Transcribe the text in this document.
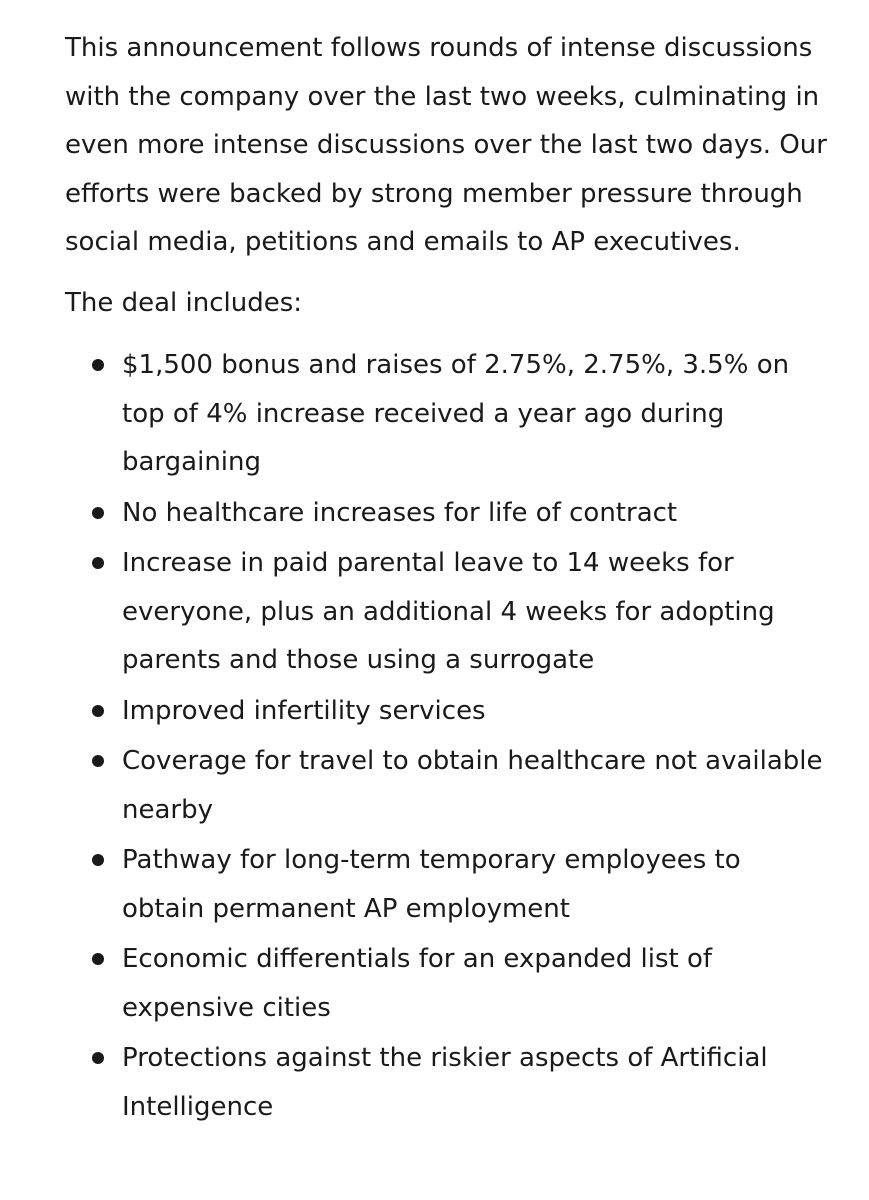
This announcement follows rounds of intense discussions with the company over the last two weeks, culminating in even more intense discussions over the last two days. Our efforts were backed by strong member pressure through social media, petitions and emails to AP executives.

The deal includes:

$1,500 bonus and raises of 2.75%, 2.75%, 3.5% on top of 4% increase received a year ago during bargaining
No healthcare increases for life of contract
Increase in paid parental leave to 14 weeks for everyone, plus an additional 4 weeks for adopting parents and those using a surrogate
Improved infertility services
Coverage for travel to obtain healthcare not available nearby
Pathway for long-term temporary employees to obtain permanent AP employment
Economic differentials for an expanded list of expensive cities
Protections against the riskier aspects of Artificial Intelligence
